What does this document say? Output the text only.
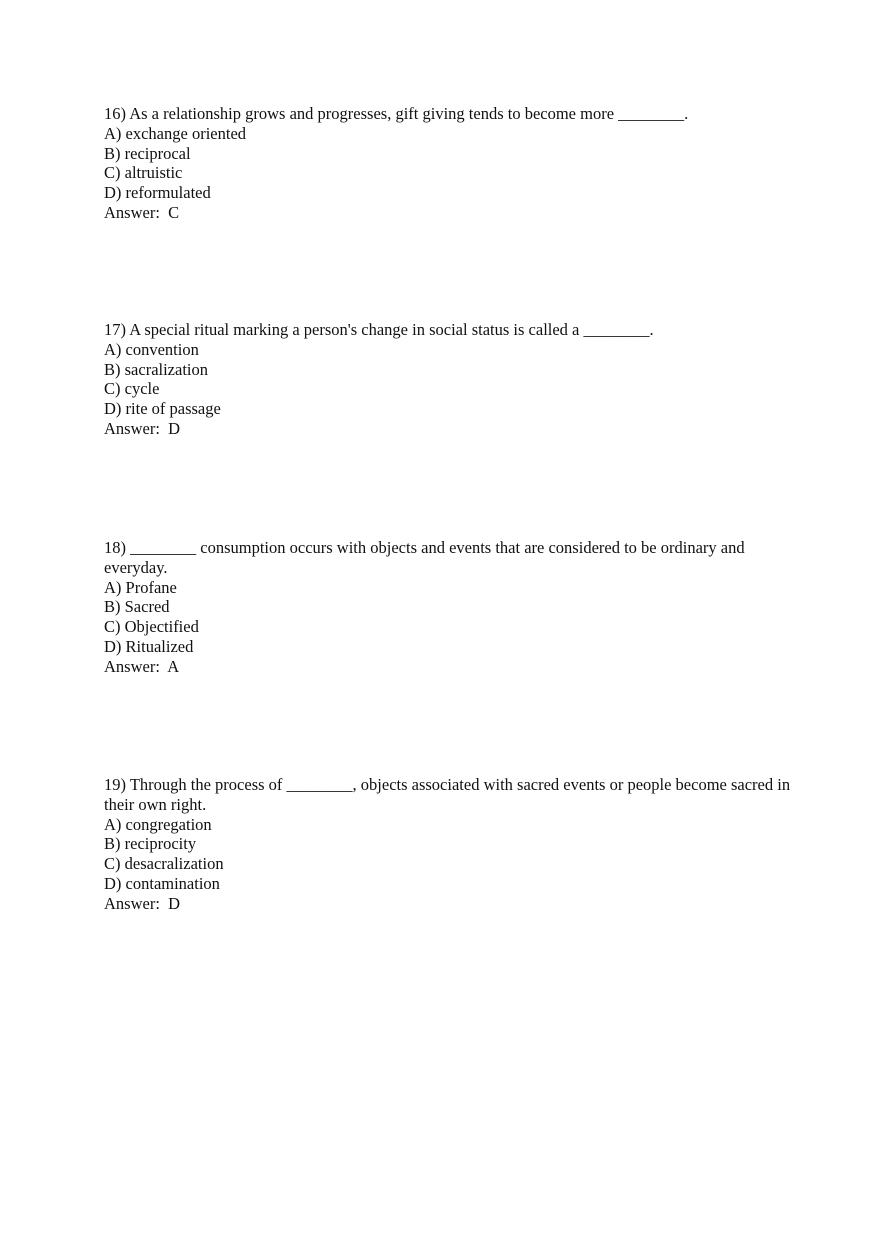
16) As a relationship grows and progresses, gift giving tends to become more ________.

A) exchange oriented

B) reciprocal

C) altruistic

D) reformulated

Answer:  C

17) A special ritual marking a person's change in social status is called a ________.

A) convention

B) sacralization

C) cycle

D) rite of passage

Answer:  D

18) ________ consumption occurs with objects and events that are considered to be ordinary and everyday.

A) Profane

B) Sacred

C) Objectified

D) Ritualized

Answer:  A

19) Through the process of ________, objects associated with sacred events or people become sacred in their own right.

A) congregation

B) reciprocity

C) desacralization

D) contamination

Answer:  D
